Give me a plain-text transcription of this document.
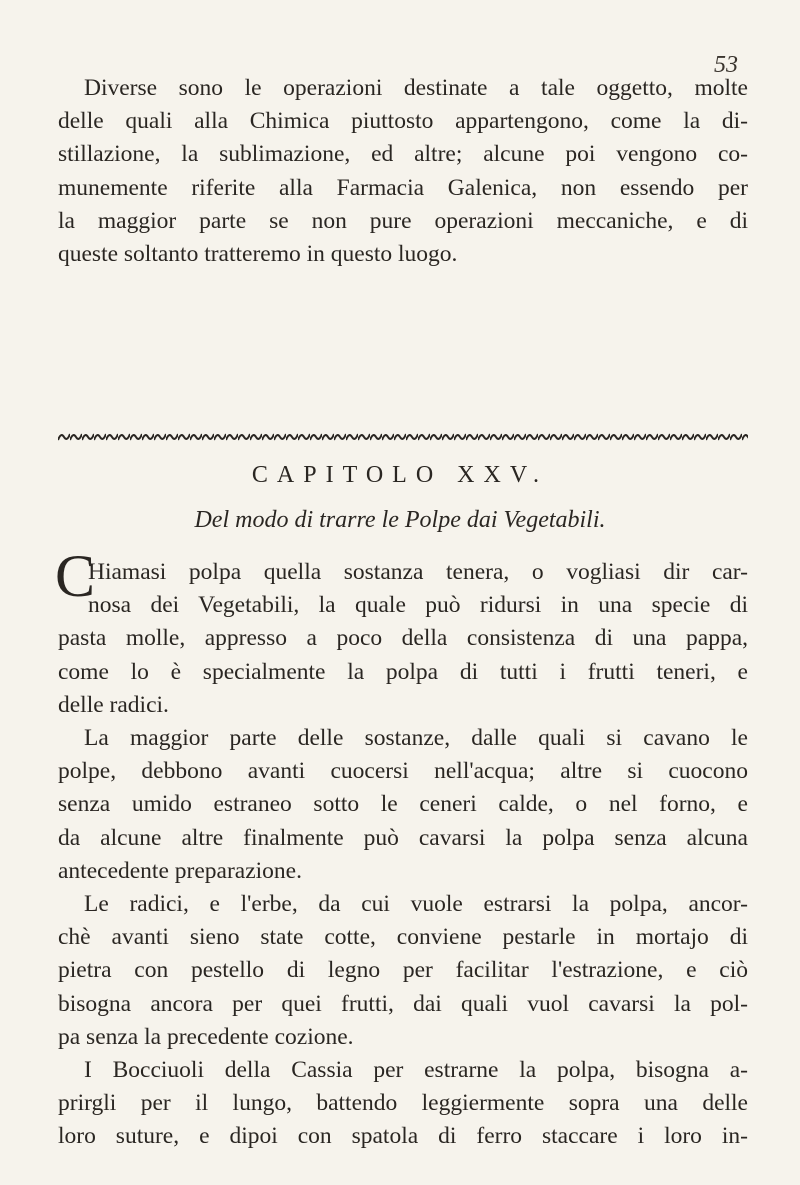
53
Diverse sono le operazioni destinate a tale oggetto, molte
delle quali alla Chimica piuttosto appartengono, come la di-
stillazione, la sublimazione, ed altre; alcune poi vengono co-
munemente riferite alla Farmacia Galenica, non essendo per
la maggior parte se non pure operazioni meccaniche, e di
queste soltanto tratteremo in questo luogo.
CAPITOLO XXV.
Del modo di trarre le Polpe dai Vegetabili.
C
Hiamasi polpa quella sostanza tenera, o vogliasi dir car-
nosa dei Vegetabili, la quale può ridursi in una specie di
pasta molle, appresso a poco della consistenza di una pappa,
come lo è specialmente la polpa di tutti i frutti teneri, e
delle radici.
La maggior parte delle sostanze, dalle quali si cavano le
polpe, debbono avanti cuocersi nell'acqua; altre si cuocono
senza umido estraneo sotto le ceneri calde, o nel forno, e
da alcune altre finalmente può cavarsi la polpa senza alcuna
antecedente preparazione.
Le radici, e l'erbe, da cui vuole estrarsi la polpa, ancor-
chè avanti sieno state cotte, conviene pestarle in mortajo di
pietra con pestello di legno per facilitar l'estrazione, e ciò
bisogna ancora per quei frutti, dai quali vuol cavarsi la pol-
pa senza la precedente cozione.
I Bocciuoli della Cassia per estrarne la polpa, bisogna a-
prirgli per il lungo, battendo leggiermente sopra una delle
loro suture, e dipoi con spatola di ferro staccare i loro in-
